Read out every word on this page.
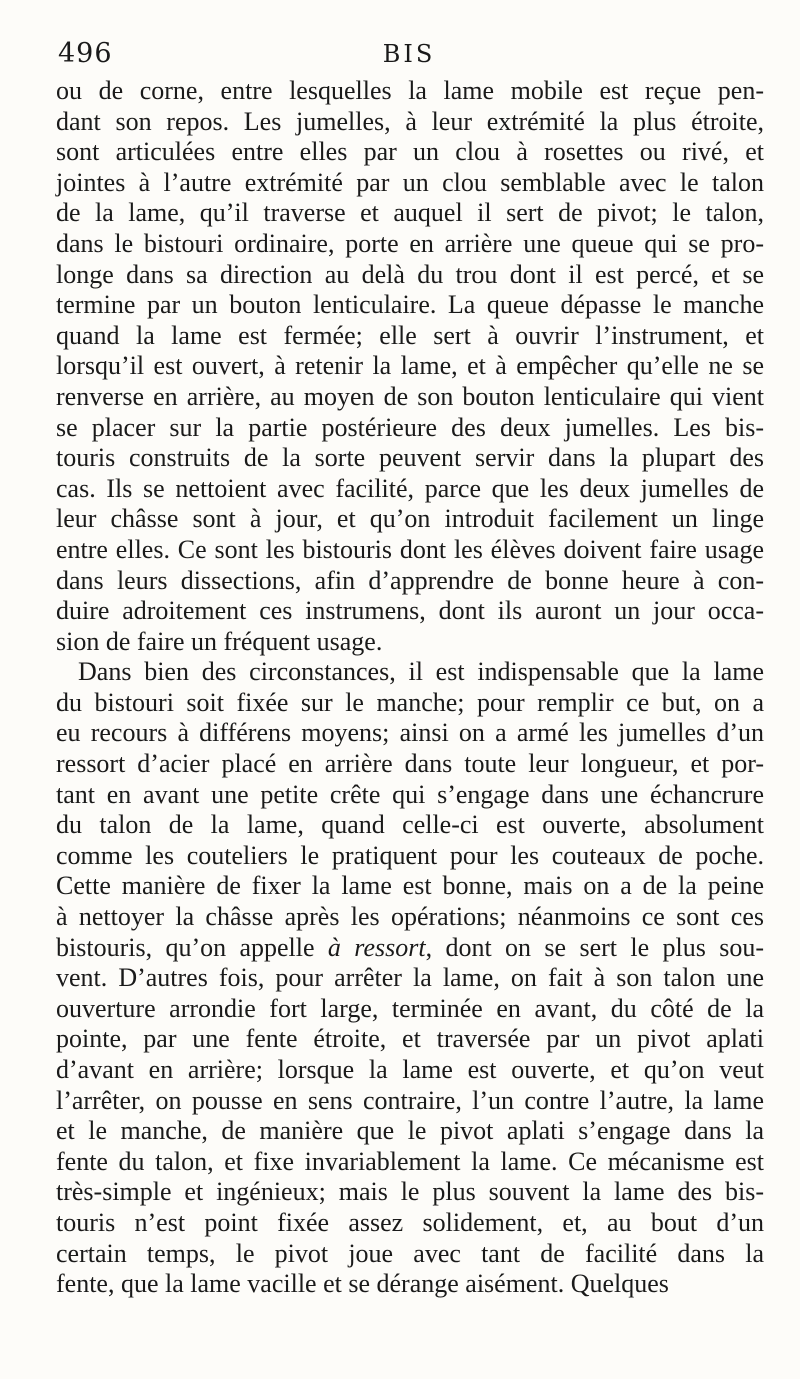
496	BIS
ou de corne, entre lesquelles la lame mobile est reçue pen-
dant son repos. Les jumelles, à leur extrémité la plus étroite,
sont articulées entre elles par un clou à rosettes ou rivé, et
jointes à l’autre extrémité par un clou semblable avec le talon
de la lame, qu’il traverse et auquel il sert de pivot; le talon,
dans le bistouri ordinaire, porte en arrière une queue qui se pro-
longe dans sa direction au delà du trou dont il est percé, et se
termine par un bouton lenticulaire. La queue dépasse le manche
quand la lame est fermée; elle sert à ouvrir l’instrument, et
lorsqu’il est ouvert, à retenir la lame, et à empêcher qu’elle ne se
renverse en arrière, au moyen de son bouton lenticulaire qui vient
se placer sur la partie postérieure des deux jumelles. Les bis-
touris construits de la sorte peuvent servir dans la plupart des
cas. Ils se nettoient avec facilité, parce que les deux jumelles de
leur châsse sont à jour, et qu’on introduit facilement un linge
entre elles. Ce sont les bistouris dont les élèves doivent faire usage
dans leurs dissections, afin d’apprendre de bonne heure à con-
duire adroitement ces instrumens, dont ils auront un jour occa-
sion de faire un fréquent usage.
Dans bien des circonstances, il est indispensable que la lame
du bistouri soit fixée sur le manche; pour remplir ce but, on a
eu recours à différens moyens; ainsi on a armé les jumelles d’un
ressort d’acier placé en arrière dans toute leur longueur, et por-
tant en avant une petite crête qui s’engage dans une échancrure
du talon de la lame, quand celle-ci est ouverte, absolument
comme les couteliers le pratiquent pour les couteaux de poche.
Cette manière de fixer la lame est bonne, mais on a de la peine
à nettoyer la châsse après les opérations; néanmoins ce sont ces
bistouris, qu’on appelle à ressort, dont on se sert le plus sou-
vent. D’autres fois, pour arrêter la lame, on fait à son talon une
ouverture arrondie fort large, terminée en avant, du côté de la
pointe, par une fente étroite, et traversée par un pivot aplati
d’avant en arrière; lorsque la lame est ouverte, et qu’on veut
l’arrêter, on pousse en sens contraire, l’un contre l’autre, la lame
et le manche, de manière que le pivot aplati s’engage dans la
fente du talon, et fixe invariablement la lame. Ce mécanisme est
très-simple et ingénieux; mais le plus souvent la lame des bis-
touris n’est point fixée assez solidement, et, au bout d’un
certain temps, le pivot joue avec tant de facilité dans la
fente, que la lame vacille et se dérange aisément. Quelques
